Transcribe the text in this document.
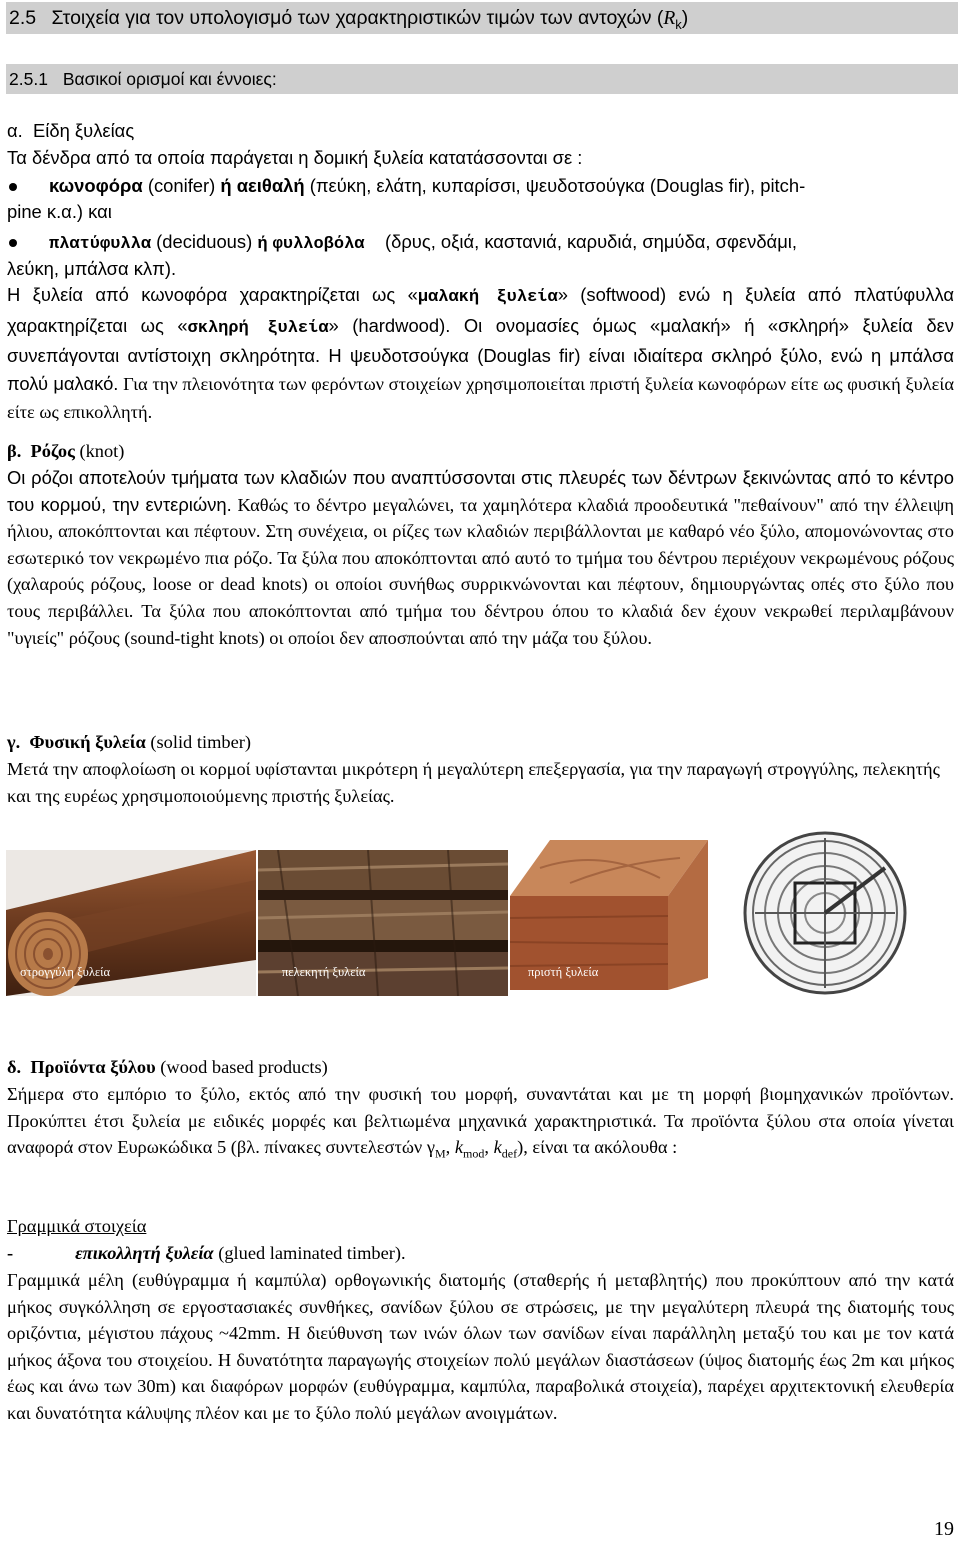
2.5 Στοιχεία για τον υπολογισμό των χαρακτηριστικών τιμών των αντοχών $(R_k)$
2.5.1 Βασικοί ορισμοί και έννοιες:
α. Είδη ξυλείας
Τα δένδρα από τα οποία παράγεται η δομική ξυλεία κατατάσσονται σε :
κωνοφόρα (conifer) ή αειθαλή (πεύκη, ελάτη, κυπαρίσσι, ψευδοτσούγκα (Douglas fir), pitch-
pine κ.α.) και
πλατύφυλλα (deciduous) ή φυλλοβόλα (δρυς, οξιά, καστανιά, καρυδιά, σημύδα, σφενδάμι,
λεύκη, μπάλσα κλπ).
Η ξυλεία από κωνοφόρα χαρακτηρίζεται ως «μαλακή ξυλεία» (softwood) ενώ η ξυλεία από πλατύφυλλα χαρακτηρίζεται ως «σκληρή ξυλεία» (hardwood). Οι ονομασίες όμως «μαλακή» ή «σκληρή» ξυλεία δεν συνεπάγονται αντίστοιχη σκληρότητα. Η ψευδοτσούγκα (Douglas fir) είναι ιδιαίτερα σκληρό ξύλο, ενώ η μπάλσα πολύ μαλακό. Για την πλειονότητα των φερόντων στοιχείων χρησιμοποιείται πριστή ξυλεία κωνοφόρων είτε ως φυσική ξυλεία είτε ως επικολλητή.
β. Ρόζος (knot)
Οι ρόζοι αποτελούν τμήματα των κλαδιών που αναπτύσσονται στις πλευρές των δέντρων ξεκινώντας από το κέντρο του κορμού, την εντεριώνη. Καθώς το δέντρο μεγαλώνει, τα χαμηλότερα κλαδιά προοδευτικά "πεθαίνουν" από την έλλειψη ήλιου, αποκόπτονται και πέφτουν. Στη συνέχεια, οι ρίζες των κλαδιών περιβάλλονται με καθαρό νέο ξύλο, απομονώνοντας στο εσωτερικό τον νεκρωμένο πια ρόζο. Τα ξύλα που αποκόπτονται από αυτό το τμήμα του δέντρου περιέχουν νεκρωμένους ρόζους (χαλαρούς ρόζους, loose or dead knots) οι οποίοι συνήθως συρρικνώνονται και πέφτουν, δημιουργώντας οπές στο ξύλο που τους περιβάλλει. Τα ξύλα που αποκόπτονται από τμήμα του δέντρου όπου το κλαδιά δεν έχουν νεκρωθεί περιλαμβάνουν "υγιείς" ρόζους (sound-tight knots) οι οποίοι δεν αποσπούνται από την μάζα του ξύλου.
γ. Φυσική ξυλεία (solid timber)
Μετά την αποφλοίωση οι κορμοί υφίστανται μικρότερη ή μεγαλύτερη επεξεργασία, για την παραγωγή στρογγύλης, πελεκητής και της ευρέως χρησιμοποιούμενης πριστής ξυλείας.
στρογγύλη ξυλεία	πελεκητή ξυλεία	πριστή ξυλεία
δ. Προϊόντα ξύλου (wood based products)
Σήμερα στο εμπόριο το ξύλο, εκτός από την φυσική του μορφή, συναντάται και με τη μορφή βιομηχανικών προϊόντων. Προκύπτει έτσι ξυλεία με ειδικές μορφές και βελτιωμένα μηχανικά χαρακτηριστικά. Τα προϊόντα ξύλου στα οποία γίνεται αναφορά στον Ευρωκώδικα 5 (βλ. πίνακες συντελεστών $\gamma_M$, $k_{mod}$, $k_{def}$), είναι τα ακόλουθα :
Γραμμικά στοιχεία
-	επικολλητή ξυλεία (glued laminated timber).
Γραμμικά μέλη (ευθύγραμμα ή καμπύλα) ορθογωνικής διατομής (σταθερής ή μεταβλητής) που προκύπτουν από την κατά μήκος συγκόλληση σε εργοστασιακές συνθήκες, σανίδων ξύλου σε στρώσεις, με την μεγαλύτερη πλευρά της διατομής τους οριζόντια, μέγιστου πάχους ~42mm. Η διεύθυνση των ινών όλων των σανίδων είναι παράλληλη μεταξύ του και με τον κατά μήκος άξονα του στοιχείου. Η δυνατότητα παραγωγής στοιχείων πολύ μεγάλων διαστάσεων (ύψος διατομής έως 2m και μήκος έως και άνω των 30m) και διαφόρων μορφών (ευθύγραμμα, καμπύλα, παραβολικά στοιχεία), παρέχει αρχιτεκτονική ελευθερία και δυνατότητα κάλυψης πλέον και με το ξύλο πολύ μεγάλων ανοιγμάτων.
19
